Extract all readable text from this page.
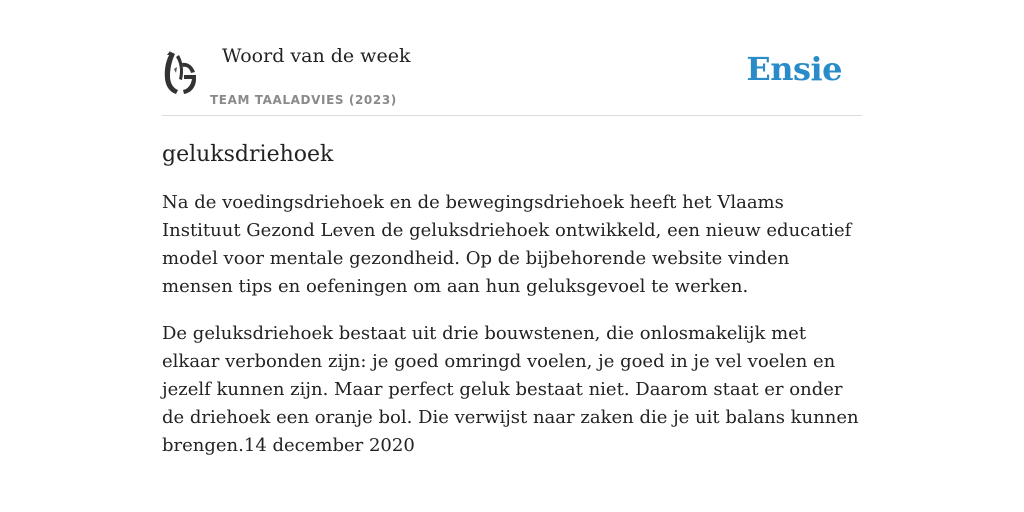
Woord van de week
TEAM TAALADVIES (2023)
Ensie
geluksdriehoek

Na de voedingsdriehoek en de bewegingsdriehoek heeft het Vlaams Instituut Gezond Leven de geluksdriehoek ontwikkeld, een nieuw educatief model voor mentale gezondheid. Op de bijbehorende website vinden mensen tips en oefeningen om aan hun geluksgevoel te werken.

De geluksdriehoek bestaat uit drie bouwstenen, die onlosmakelijk met elkaar verbonden zijn: je goed omringd voelen, je goed in je vel voelen en jezelf kunnen zijn. Maar perfect geluk bestaat niet. Daarom staat er onder de driehoek een oranje bol. Die verwijst naar zaken die je uit balans kunnen brengen.14 december 2020
